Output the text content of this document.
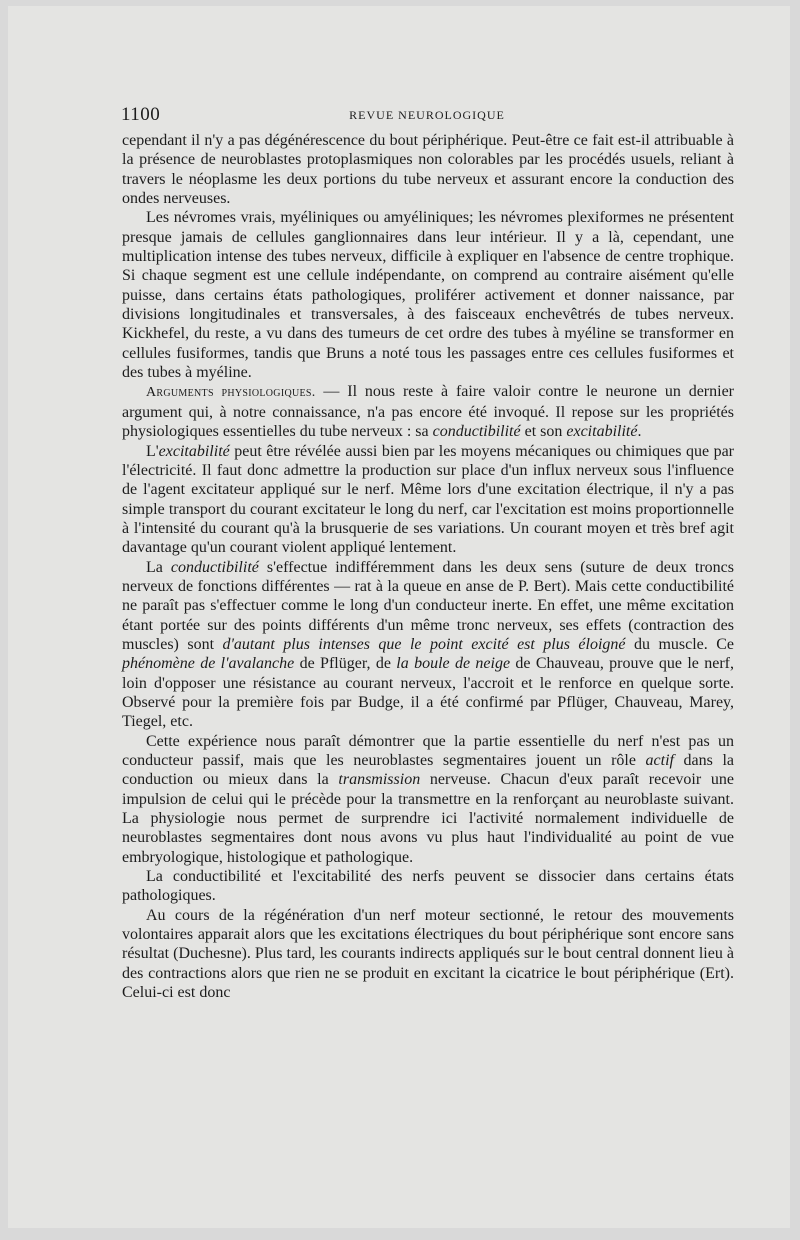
1100	REVUE NEUROLOGIQUE

cependant il n'y a pas dégénérescence du bout périphérique. Peut-être ce fait est-il attribuable à la présence de neuroblastes protoplasmiques non colorables par les procédés usuels, reliant à travers le néoplasme les deux portions du tube nerveux et assurant encore la conduction des ondes nerveuses.

Les névromes vrais, myéliniques ou amyéliniques; les névromes plexiformes ne présentent presque jamais de cellules ganglionnaires dans leur intérieur. Il y a là, cependant, une multiplication intense des tubes nerveux, difficile à expliquer en l'absence de centre trophique. Si chaque segment est une cellule indépendante, on comprend au contraire aisément qu'elle puisse, dans certains états pathologiques, proliférer activement et donner naissance, par divisions longitudinales et transversales, à des faisceaux enchevêtrés de tubes nerveux. Kickhefel, du reste, a vu dans des tumeurs de cet ordre des tubes à myéline se transformer en cellules fusiformes, tandis que Bruns a noté tous les passages entre ces cellules fusiformes et des tubes à myéline.

Arguments physiologiques. — Il nous reste à faire valoir contre le neurone un dernier argument qui, à notre connaissance, n'a pas encore été invoqué. Il repose sur les propriétés physiologiques essentielles du tube nerveux : sa conductibilité et son excitabilité.

L'excitabilité peut être révélée aussi bien par les moyens mécaniques ou chimiques que par l'électricité. Il faut donc admettre la production sur place d'un influx nerveux sous l'influence de l'agent excitateur appliqué sur le nerf. Même lors d'une excitation électrique, il n'y a pas simple transport du courant excitateur le long du nerf, car l'excitation est moins proportionnelle à l'intensité du courant qu'à la brusquerie de ses variations. Un courant moyen et très bref agit davantage qu'un courant violent appliqué lentement.

La conductibilité s'effectue indifféremment dans les deux sens (suture de deux troncs nerveux de fonctions différentes — rat à la queue en anse de P. Bert). Mais cette conductibilité ne paraît pas s'effectuer comme le long d'un conducteur inerte. En effet, une même excitation étant portée sur des points différents d'un même tronc nerveux, ses effets (contraction des muscles) sont d'autant plus intenses que le point excité est plus éloigné du muscle. Ce phénomène de l'avalanche de Pflüger, de la boule de neige de Chauveau, prouve que le nerf, loin d'opposer une résistance au courant nerveux, l'accroit et le renforce en quelque sorte. Observé pour la première fois par Budge, il a été confirmé par Pflüger, Chauveau, Marey, Tiegel, etc.

Cette expérience nous paraît démontrer que la partie essentielle du nerf n'est pas un conducteur passif, mais que les neuroblastes segmentaires jouent un rôle actif dans la conduction ou mieux dans la transmission nerveuse. Chacun d'eux paraît recevoir une impulsion de celui qui le précède pour la transmettre en la renforçant au neuroblaste suivant. La physiologie nous permet de surprendre ici l'activité normalement individuelle de neuroblastes segmentaires dont nous avons vu plus haut l'individualité au point de vue embryologique, histologique et pathologique.

La conductibilité et l'excitabilité des nerfs peuvent se dissocier dans certains états pathologiques.

Au cours de la régénération d'un nerf moteur sectionné, le retour des mouvements volontaires apparait alors que les excitations électriques du bout périphérique sont encore sans résultat (Duchesne). Plus tard, les courants indirects appliqués sur le bout central donnent lieu à des contractions alors que rien ne se produit en excitant la cicatrice le bout périphérique (Ert). Celui-ci est donc
